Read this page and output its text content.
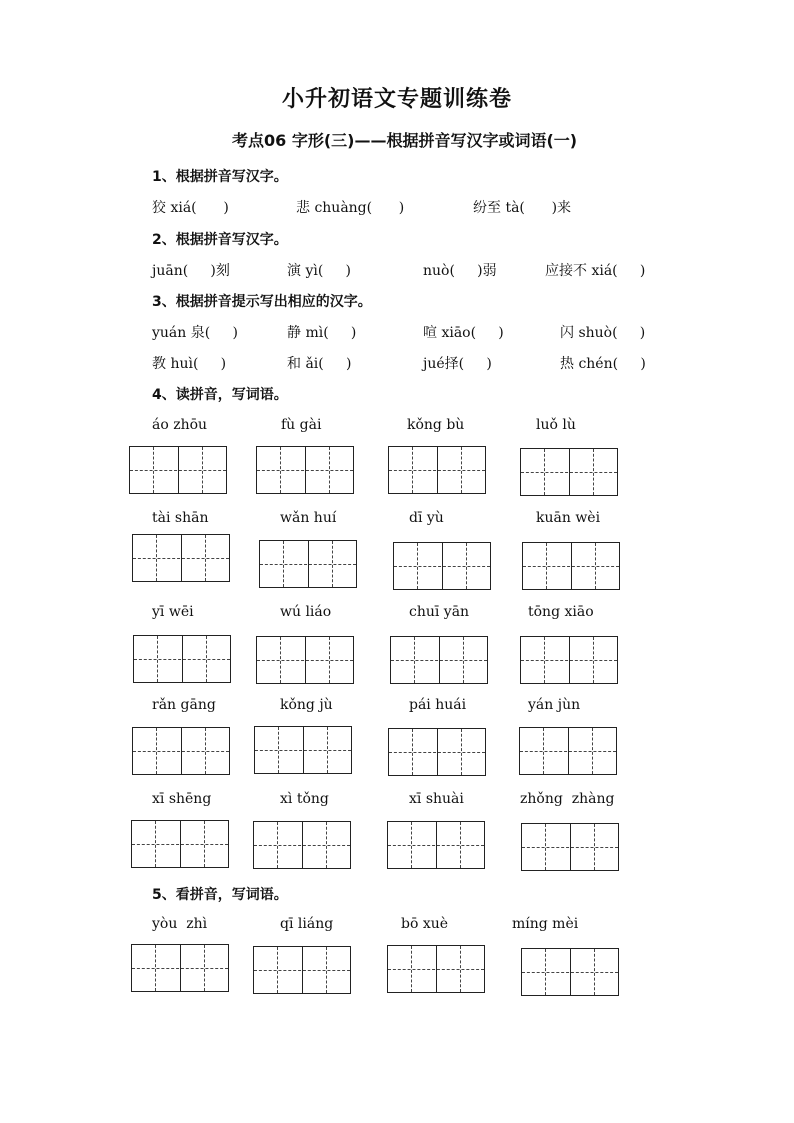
小升初语文专题训练卷
考点06 字形(三)——根据拼音写汉字或词语(一)
1、根据拼音写汉字。
狡 xiá(      )	悲 chuàng(      )	纷至 tà(      )来
2、根据拼音写汉字。
juān(     )刻	演 yì(     )	nuò(     )弱	应接不 xiá(     )
3、根据拼音提示写出相应的汉字。
yuán 泉(     )	静 mì(     )	喧 xiāo(     )	闪 shuò(     )
教 huì(     )	和 ǎi(     )	jué择(     )	热 chén(     )
4、读拼音，写词语。
áo zhōu	fù gài	kǒng bù	luǒ lù
tài shān	wǎn huí	dī yù	kuān wèi
yī wēi	wú liáo	chuī yān	tōng xiāo
rǎn gāng	kǒng jù	pái huái	yán jùn
xī shēng	xì tǒng	xī shuài	zhǒng  zhàng
5、看拼音，写词语。
yòu  zhì	qī liáng	bō xuè	míng mèi
